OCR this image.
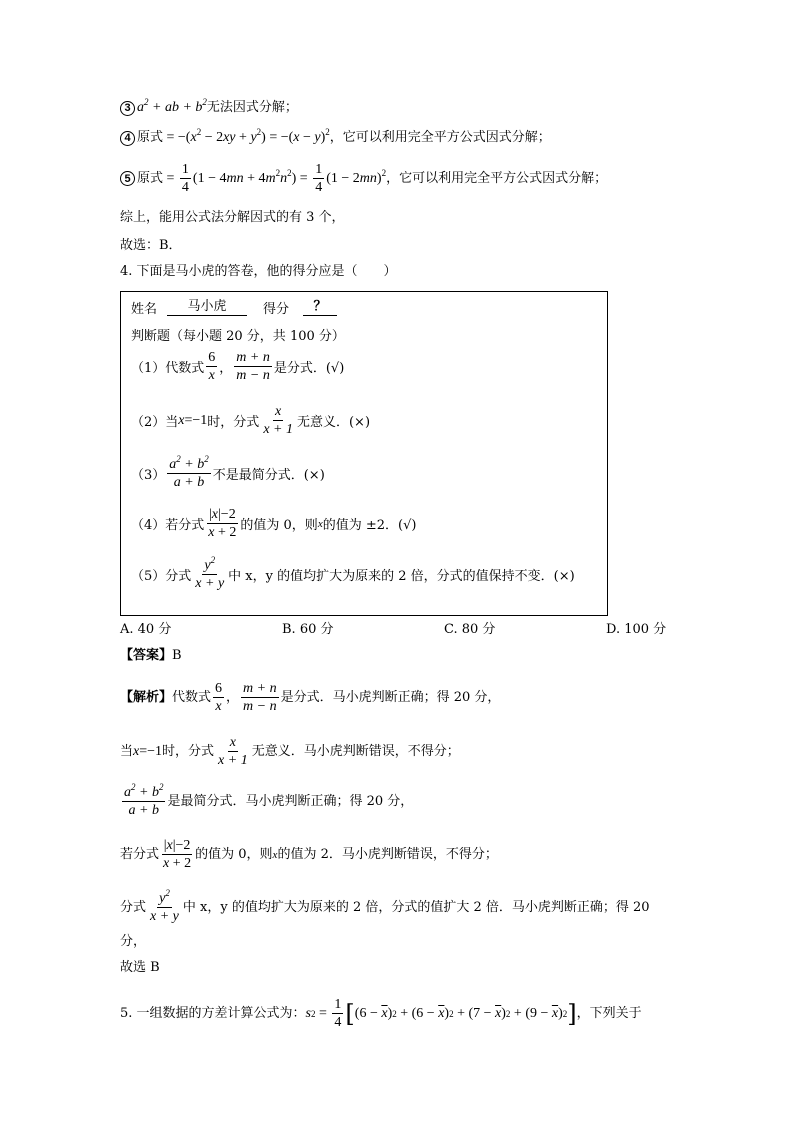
3 $a^2$ + ab + $b^2$ 无法因式分解；
4 原式 = $-(x^2 - 2xy + y^2) = -(x - y)^2$ ，它可以利用完全平方公式因式分解；
5 原式 = $\frac{1}{4} (1 - 4mn + 4m^2n^2) = \frac{1}{4} (1 - 2mn)^2$ ，它可以利用完全平方公式因式分解；
综上，能用公式法分解因式的有 3 个，
故选：B．
4. 下面是马小虎的答卷，他的得分应是（　　）
姓名	马小虎	得分	？
判断题（每小题 20 分，共 100 分）
（1）代数式 $\frac{6}{x}$ ， $\frac{m + n}{m - n}$ 是分式．(√)
（2）当 x=−1 时，分式 $\frac{x}{x + 1}$ 无意义．(×)
$(3) \frac{a^2 + b^2}{a + b}$ 不是最简分式．(×)
（4）若分式 $\frac{|x|-2}{x + 2}$ 的值为 0，则 x 的值为 ±2．(√)
（5）分式 $\frac{y^2}{x + y}$ 中 x，y 的值均扩大为原来的 2 倍，分式的值保持不变．(×)
A. 40 分	B. 60 分	C. 80 分	D. 100 分
【答案】 B
【解析】 代数式 $\frac{6}{x}$ ， $\frac{m + n}{m - n}$ 是分式．马小虎判断正确；得 20 分，
当 x=−1 时，分式 $\frac{x}{x + 1}$ 无意义．马小虎判断错误，不得分；
$\frac{a^2 + b^2}{a + b}$ 是最简分式．马小虎判断正确；得 20 分，
若分式 $\frac{|x|-2}{x + 2}$ 的值为 0，则 x 的值为 2．马小虎判断错误，不得分；
分式 $\frac{y^2}{x + y}$ 中 x，y 的值均扩大为原来的 2 倍，分式的值扩大 2 倍．马小虎判断正确；得 20
分，
故选 B
5. 一组数据的方差计算公式为： s $2 = \frac{1}{4}$ [ ($6 - \overline{x}$ ) $2 + (6 - \overline{x}$ ) $2 + (7 - \overline{x}$ ) $2 + (9 - \overline{x}$ ) 2 ] ，下列关于
